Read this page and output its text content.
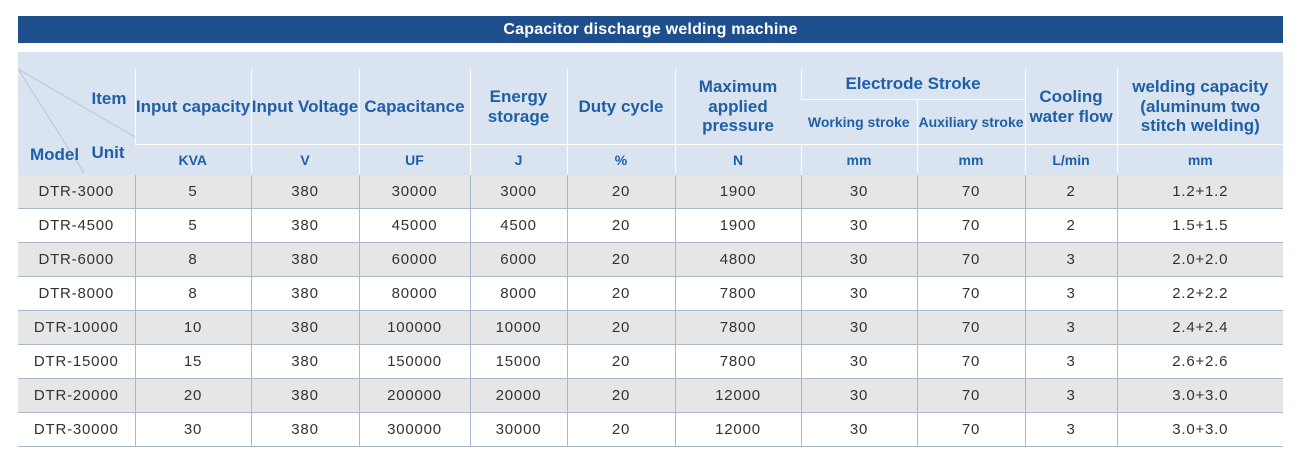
Capacitor discharge welding machine
Item
Model Unit	Input capacity	Input Voltage	Capacitance	Energy storage	Duty cycle	Maximum applied pressure	Electrode Stroke		Cooling water flow	welding capacity (aluminum two stitch welding)
							Working stroke	Auxiliary stroke		
	KVA	V	UF	J	%	N	mm	mm	L/min	mm
DTR-3000	5	380	30000	3000	20	1900	30	70	2	1.2+1.2
DTR-4500	5	380	45000	4500	20	1900	30	70	2	1.5+1.5
DTR-6000	8	380	60000	6000	20	4800	30	70	3	2.0+2.0
DTR-8000	8	380	80000	8000	20	7800	30	70	3	2.2+2.2
DTR-10000	10	380	100000	10000	20	7800	30	70	3	2.4+2.4
DTR-15000	15	380	150000	15000	20	7800	30	70	3	2.6+2.6
DTR-20000	20	380	200000	20000	20	12000	30	70	3	3.0+3.0
DTR-30000	30	380	300000	30000	20	12000	30	70	3	3.0+3.0
